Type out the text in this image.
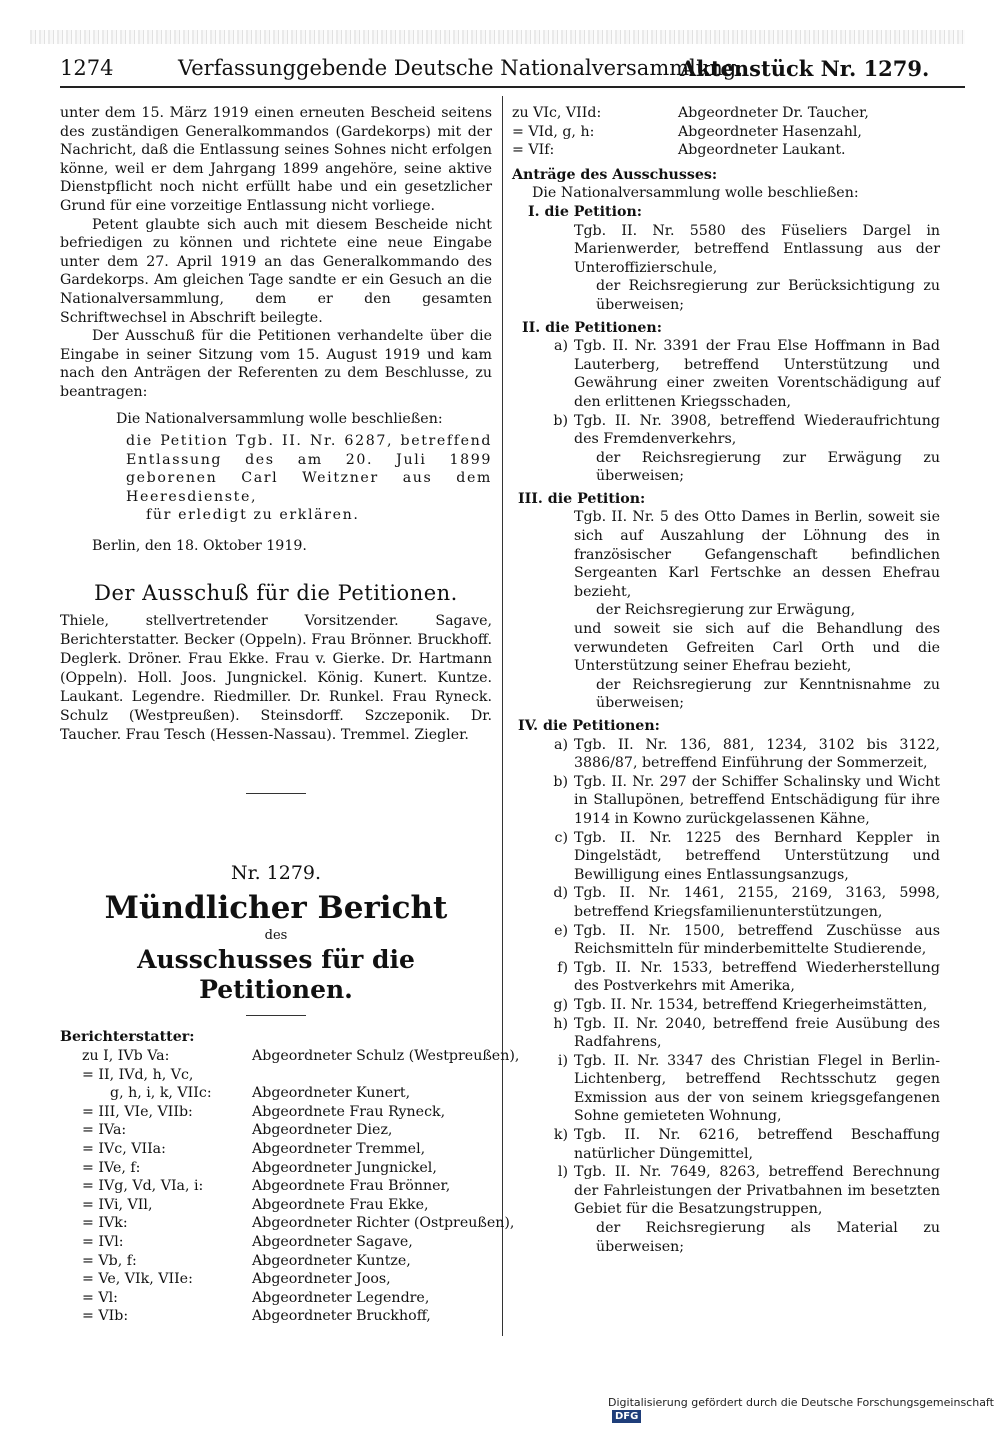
1274	Verfassunggebende Deutsche Nationalversammlung.
Aktenstück Nr. 1279.

unter dem 15. März 1919 einen erneuten Bescheid seitens des zuständigen Generalkommandos (Gardekorps) mit der Nachricht, daß die Entlassung seines Sohnes nicht erfolgen könne, weil er dem Jahrgang 1899 angehöre, seine aktive Dienstpflicht noch nicht erfüllt habe und ein gesetzlicher Grund für eine vorzeitige Entlassung nicht vorliege.

Petent glaubte sich auch mit diesem Bescheide nicht befriedigen zu können und richtete eine neue Eingabe unter dem 27. April 1919 an das Generalkommando des Gardekorps. Am gleichen Tage sandte er ein Gesuch an die Nationalversammlung, dem er den gesamten Schriftwechsel in Abschrift beilegte.

Der Ausschuß für die Petitionen verhandelte über die Eingabe in seiner Sitzung vom 15. August 1919 und kam nach den Anträgen der Referenten zu dem Beschlusse, zu beantragen:

Die Nationalversammlung wolle beschließen:

die Petition Tgb. II. Nr. 6287, betreffend Entlassung des am 20. Juli 1899 geborenen Carl Weitzner aus dem Heeresdienste,

für erledigt zu erklären.

Berlin, den 18. Oktober 1919.

Der Ausschuß für die Petitionen.

Thiele, stellvertretender Vorsitzender. Sagave, Berichterstatter. Becker (Oppeln). Frau Brönner. Bruckhoff. Deglerk. Dröner. Frau Ekke. Frau v. Gierke. Dr. Hartmann (Oppeln). Holl. Joos. Jungnickel. König. Kunert. Kuntze. Laukant. Legendre. Riedmiller. Dr. Runkel. Frau Ryneck. Schulz (Westpreußen). Steinsdorff. Szczeponik. Dr. Taucher. Frau Tesch (Hessen-Nassau). Tremmel. Ziegler.

Nr. 1279.
Mündlicher Bericht
des
Ausschusses für die Petitionen.

Berichterstatter:

zu I, IVb Va:	Abgeordneter Schulz (Westpreußen),
= II, IVd, h, Vc,
g, h, i, k, VIIc:	Abgeordneter Kunert,
= III, VIe, VIIb:	Abgeordnete Frau Ryneck,
= IVa:	Abgeordneter Diez,
= IVc, VIIa:	Abgeordneter Tremmel,
= IVe, f:	Abgeordneter Jungnickel,
= IVg, Vd, VIa, i:	Abgeordnete Frau Brönner,
= IVi, VIl,	Abgeordnete Frau Ekke,
= IVk:	Abgeordneter Richter (Ostpreußen),
= IVl:	Abgeordneter Sagave,
= Vb, f:	Abgeordneter Kuntze,
= Ve, VIk, VIIe:	Abgeordneter Joos,
= Vl:	Abgeordneter Legendre,
= VIb:	Abgeordneter Bruckhoff,
zu VIc, VIId:	Abgeordneter Dr. Taucher,
= VId, g, h:	Abgeordneter Hasenzahl,
= VIf:	Abgeordneter Laukant.

Anträge des Ausschusses:

Die Nationalversammlung wolle beschließen:

I. die Petition:

Tgb. II. Nr. 5580 des Füseliers Dargel in Marienwerder, betreffend Entlassung aus der Unteroffizierschule,

der Reichsregierung zur Berücksichtigung zu überweisen;

II. die Petitionen:

a) Tgb. II. Nr. 3391 der Frau Else Hoffmann in Bad Lauterberg, betreffend Unterstützung und Gewährung einer zweiten Vorentschädigung auf den erlittenen Kriegsschaden,
b) Tgb. II. Nr. 3908, betreffend Wiederaufrichtung des Fremdenverkehrs,

der Reichsregierung zur Erwägung zu überweisen;

III. die Petition:

Tgb. II. Nr. 5 des Otto Dames in Berlin, soweit sie sich auf Auszahlung der Löhnung des in französischer Gefangenschaft befindlichen Sergeanten Karl Fertschke an dessen Ehefrau bezieht,

der Reichsregierung zur Erwägung,

und soweit sie sich auf die Behandlung des verwundeten Gefreiten Carl Orth und die Unterstützung seiner Ehefrau bezieht,

der Reichsregierung zur Kenntnisnahme zu überweisen;

IV. die Petitionen:

a) Tgb. II. Nr. 136, 881, 1234, 3102 bis 3122, 3886/87, betreffend Einführung der Sommerzeit,
b) Tgb. II. Nr. 297 der Schiffer Schalinsky und Wicht in Stallupönen, betreffend Entschädigung für ihre 1914 in Kowno zurückgelassenen Kähne,
c) Tgb. II. Nr. 1225 des Bernhard Keppler in Dingelstädt, betreffend Unterstützung und Bewilligung eines Entlassungsanzugs,
d) Tgb. II. Nr. 1461, 2155, 2169, 3163, 5998, betreffend Kriegsfamilienunterstützungen,
e) Tgb. II. Nr. 1500, betreffend Zuschüsse aus Reichsmitteln für minderbemittelte Studierende,
f) Tgb. II. Nr. 1533, betreffend Wiederherstellung des Postverkehrs mit Amerika,
g) Tgb. II. Nr. 1534, betreffend Kriegerheimstätten,
h) Tgb. II. Nr. 2040, betreffend freie Ausübung des Radfahrens,
i) Tgb. II. Nr. 3347 des Christian Flegel in Berlin-Lichtenberg, betreffend Rechtsschutz gegen Exmission aus der von seinem kriegsgefangenen Sohne gemieteten Wohnung,
k) Tgb. II. Nr. 6216, betreffend Beschaffung natürlicher Düngemittel,
l) Tgb. II. Nr. 7649, 8263, betreffend Berechnung der Fahrleistungen der Privatbahnen im besetzten Gebiet für die Besatzungstruppen,

der Reichsregierung als Material zu überweisen;

Digitalisierung gefördert durch die Deutsche Forschungsgemeinschaft DFG
